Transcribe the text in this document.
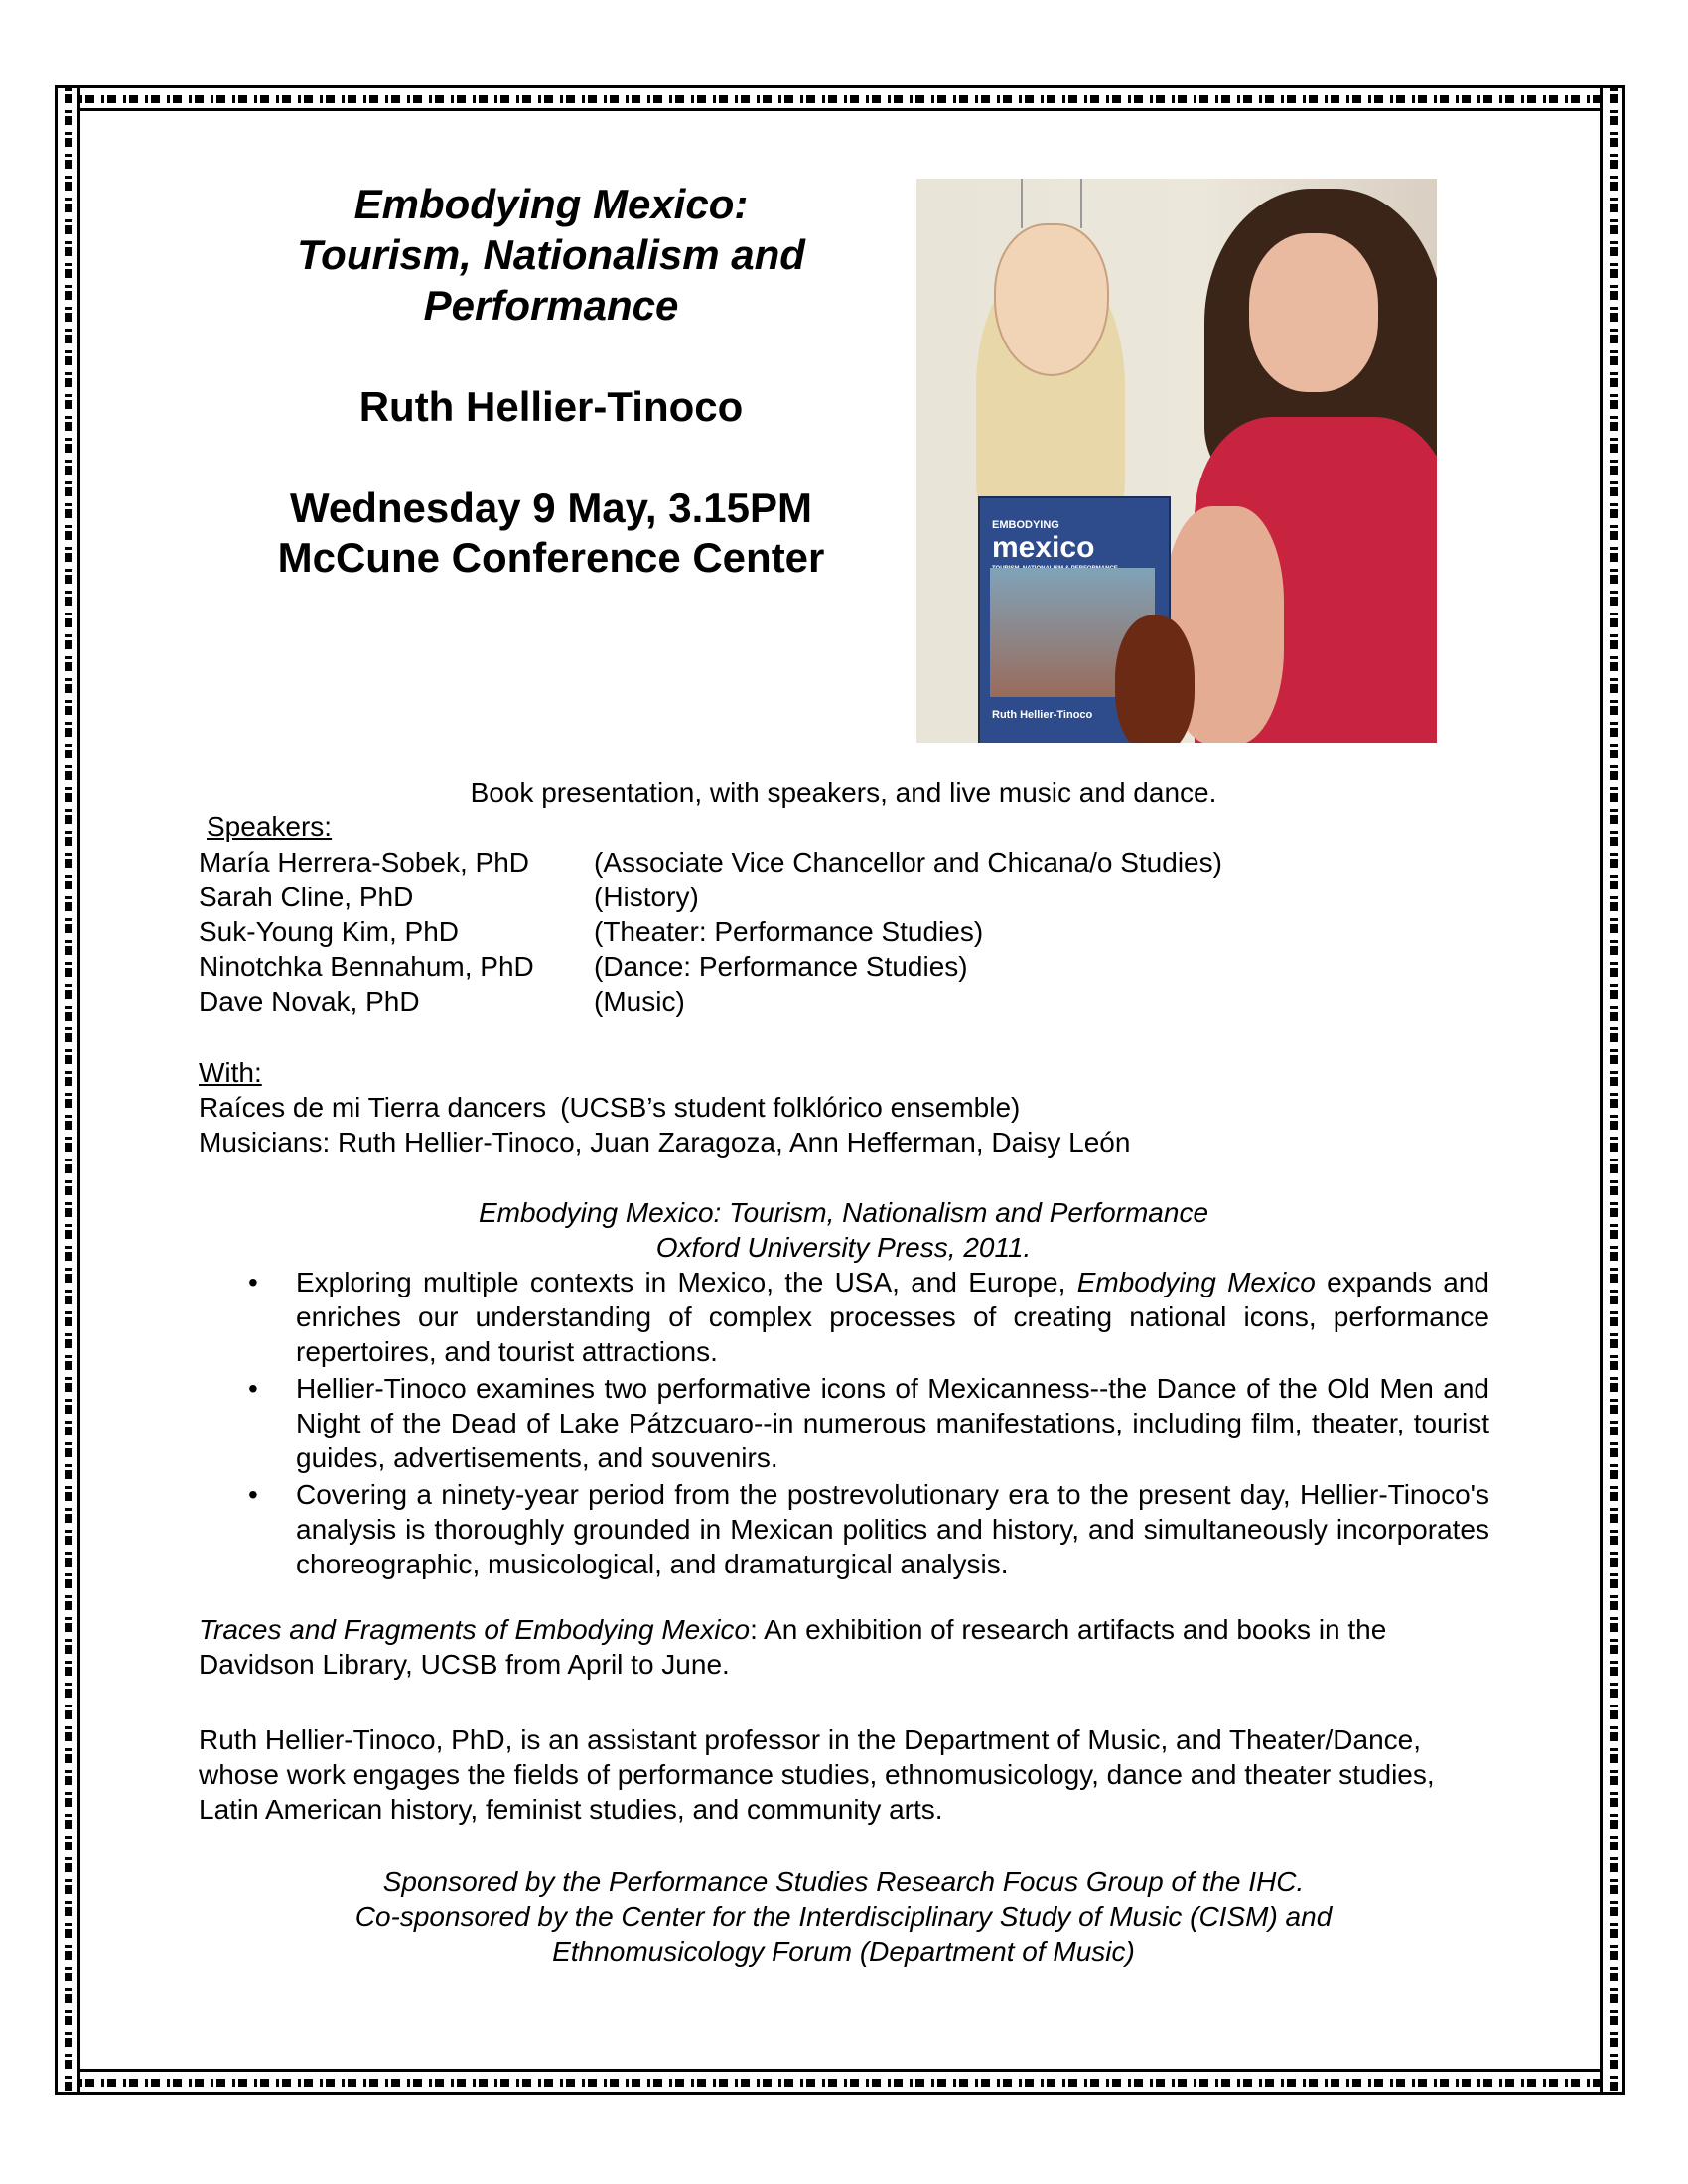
Embodying Mexico:
Tourism, Nationalism and
Performance
Ruth Hellier-Tinoco
Wednesday 9 May, 3.15PM
McCune Conference Center
EMBODYING
mexico
Ruth Hellier-Tinoco
Book presentation, with speakers, and live music and dance.
Speakers:
María Herrera-Sobek, PhD (Associate Vice Chancellor and Chicana/o Studies)
Sarah Cline, PhD	(History)
Suk-Young Kim, PhD	(Theater: Performance Studies)
Ninotchka Bennahum, PhD (Dance: Performance Studies)
Dave Novak, PhD	(Music)
With:
Raíces de mi Tierra dancers (UCSB’s student folklórico ensemble)
Musicians: Ruth Hellier-Tinoco, Juan Zaragoza, Ann Hefferman, Daisy León
Embodying Mexico: Tourism, Nationalism and Performance
Oxford University Press, 2011.
• Exploring multiple contexts in Mexico, the USA, and Europe, Embodying Mexico expands and enriches our understanding of complex processes of creating national icons, performance repertoires, and tourist attractions.
• Hellier-Tinoco examines two performative icons of Mexicanness--the Dance of the Old Men and Night of the Dead of Lake Pátzcuaro--in numerous manifestations, including film, theater, tourist guides, advertisements, and souvenirs.
• Covering a ninety-year period from the postrevolutionary era to the present day, Hellier-Tinoco's analysis is thoroughly grounded in Mexican politics and history, and simultaneously incorporates choreographic, musicological, and dramaturgical analysis.
Traces and Fragments of Embodying Mexico: An exhibition of research artifacts and books in the Davidson Library, UCSB from April to June.
Ruth Hellier-Tinoco, PhD, is an assistant professor in the Department of Music, and Theater/Dance, whose work engages the fields of performance studies, ethnomusicology, dance and theater studies, Latin American history, feminist studies, and community arts.
Sponsored by the Performance Studies Research Focus Group of the IHC.
Co-sponsored by the Center for the Interdisciplinary Study of Music (CISM) and
Ethnomusicology Forum (Department of Music)
